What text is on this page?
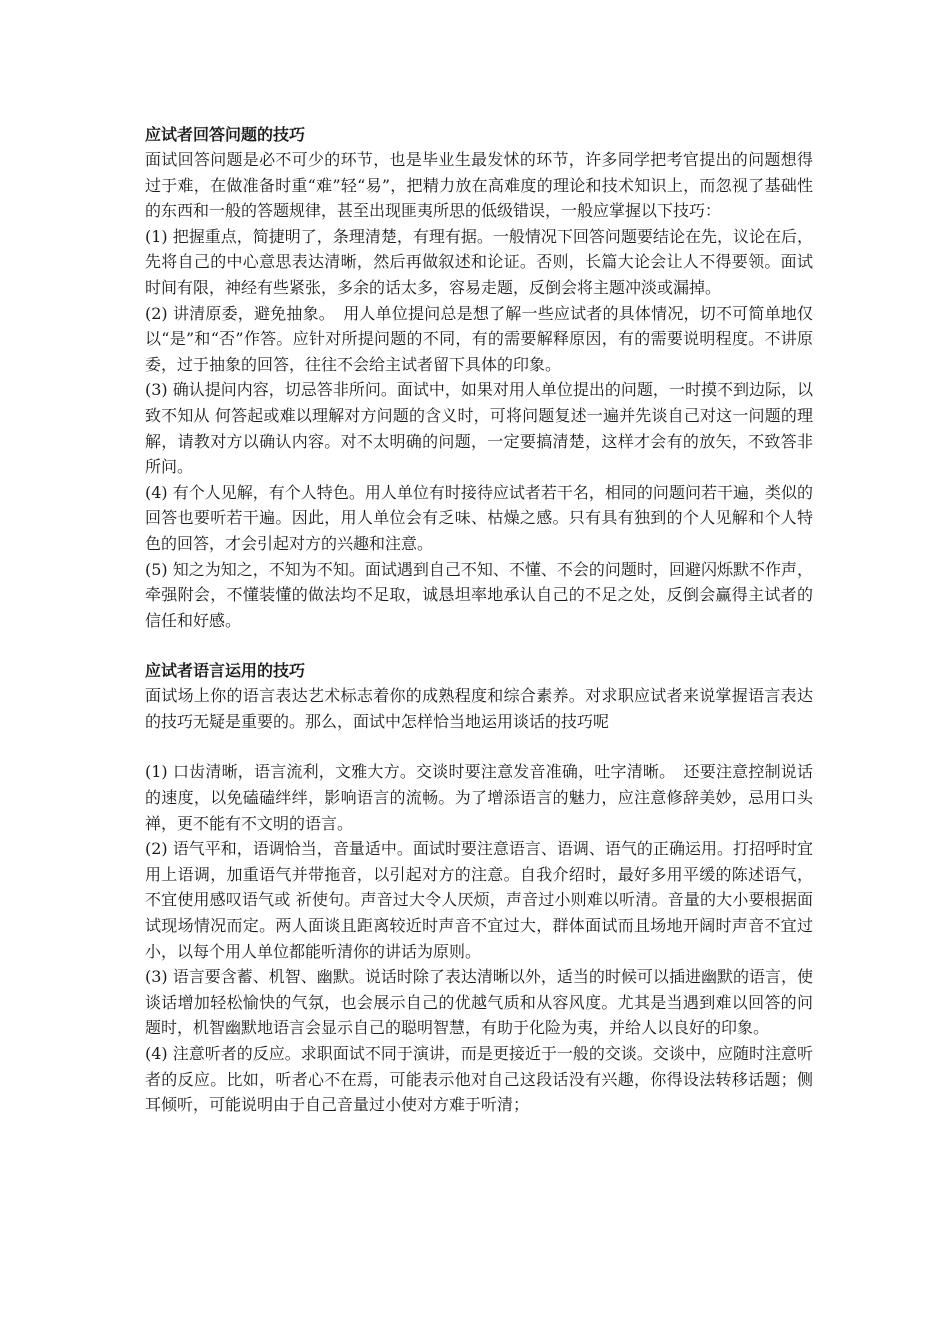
应试者回答问题的技巧

面试回答问题是必不可少的环节，也是毕业生最发怵的环节，许多同学把考官提出的问题想得过于难，在做准备时重“难”轻“易”，把精力放在高难度的理论和技术知识上，而忽视了基础性的东西和一般的答题规律，甚至出现匪夷所思的低级错误，一般应掌握以下技巧：

(1) 把握重点，简捷明了，条理清楚，有理有据。一般情况下回答问题要结论在先，议论在后，先将自己的中心意思表达清晰，然后再做叙述和论证。否则，长篇大论会让人不得要领。面试时间有限，神经有些紧张，多余的话太多，容易走题，反倒会将主题冲淡或漏掉。

(2) 讲清原委，避免抽象。　用人单位提问总是想了解一些应试者的具体情况，切不可简单地仅以“是”和“否”作答。应针对所提问题的不同，有的需要解释原因，有的需要说明程度。不讲原委，过于抽象的回答，往往不会给主试者留下具体的印象。

(3) 确认提问内容，切忌答非所问。面试中，如果对用人单位提出的问题，一时摸不到边际，以致不知从 何答起或难以理解对方问题的含义时，可将问题复述一遍并先谈自己对这一问题的理解，请教对方以确认内容。对不太明确的问题，一定要搞清楚，这样才会有的放矢，不致答非所问。

(4) 有个人见解，有个人特色。用人单位有时接待应试者若干名，相同的问题问若干遍，类似的回答也要听若干遍。因此，用人单位会有乏味、枯燥之感。只有具有独到的个人见解和个人特色的回答，才会引起对方的兴趣和注意。

(5) 知之为知之，不知为不知。面试遇到自己不知、不懂、不会的问题时，回避闪烁默不作声，牵强附会，不懂装懂的做法均不足取，诚恳坦率地承认自己的不足之处，反倒会赢得主试者的信任和好感。

应试者语言运用的技巧

面试场上你的语言表达艺术标志着你的成熟程度和综合素养。对求职应试者来说掌握语言表达的技巧无疑是重要的。那么，面试中怎样恰当地运用谈话的技巧呢

(1) 口齿清晰，语言流利，文雅大方。交谈时要注意发音准确，吐字清晰。　还要注意控制说话的速度，以免磕磕绊绊，影响语言的流畅。为了增添语言的魅力，应注意修辞美妙，忌用口头禅，更不能有不文明的语言。

(2) 语气平和，语调恰当，音量适中。面试时要注意语言、语调、语气的正确运用。打招呼时宜用上语调，加重语气并带拖音，以引起对方的注意。自我介绍时，最好多用平缓的陈述语气，不宜使用感叹语气或 祈使句。声音过大令人厌烦，声音过小则难以听清。音量的大小要根据面试现场情况而定。两人面谈且距离较近时声音不宜过大，群体面试而且场地开阔时声音不宜过小，以每个用人单位都能听清你的讲话为原则。

(3) 语言要含蓄、机智、幽默。说话时除了表达清晰以外，适当的时候可以插进幽默的语言，使谈话增加轻松愉快的气氛，也会展示自己的优越气质和从容风度。尤其是当遇到难以回答的问题时，机智幽默地语言会显示自己的聪明智慧，有助于化险为夷，并给人以良好的印象。

(4) 注意听者的反应。求职面试不同于演讲，而是更接近于一般的交谈。交谈中，应随时注意听者的反应。比如，听者心不在焉，可能表示他对自己这段话没有兴趣，你得设法转移话题；侧耳倾听，可能说明由于自己音量过小使对方难于听清；
